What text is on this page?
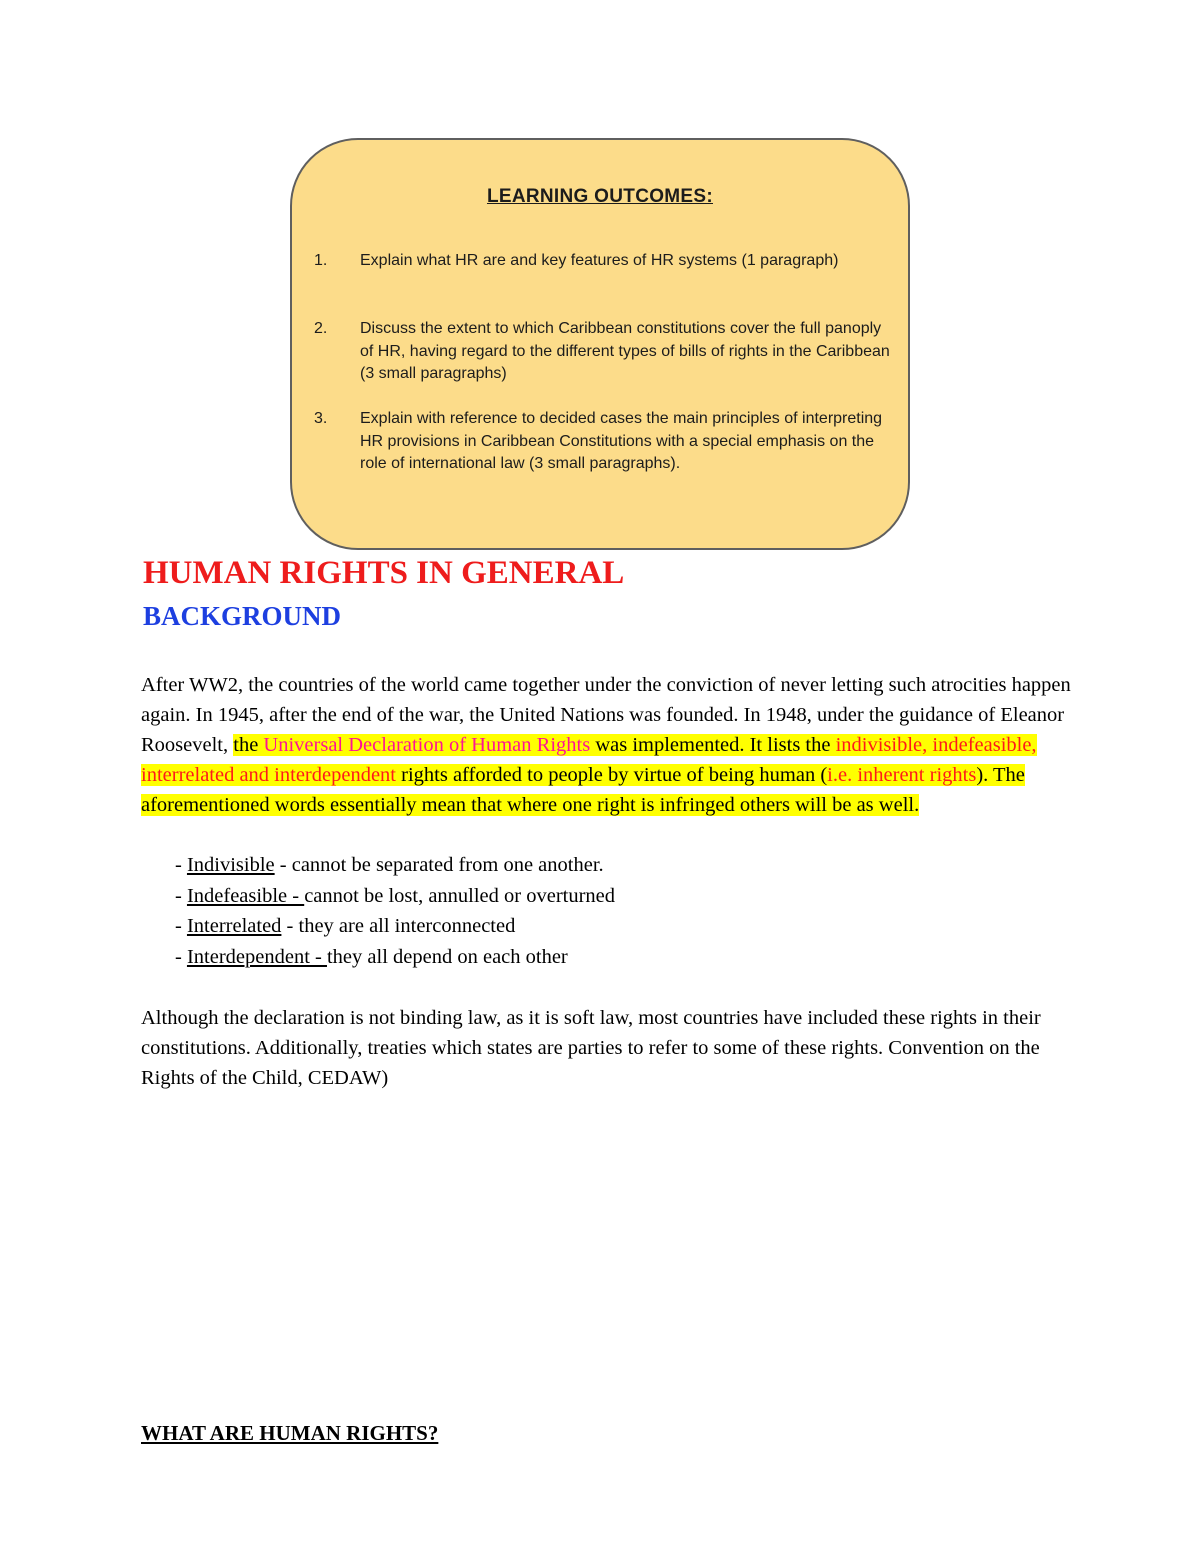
LEARNING OUTCOMES:
1.	Explain what HR are and key features of HR systems (1 paragraph)
2.	Discuss the extent to which Caribbean constitutions cover the full panoply of HR, having regard to the different types of bills of rights in the Caribbean (3 small paragraphs)
3.	Explain with reference to decided cases the main principles of interpreting HR provisions in Caribbean Constitutions with a special emphasis on the role of international law (3 small paragraphs).
HUMAN RIGHTS IN GENERAL
BACKGROUND

After WW2, the countries of the world came together under the conviction of never letting such atrocities happen again. In 1945, after the end of the war, the United Nations was founded. In 1948, under the guidance of Eleanor Roosevelt, the Universal Declaration of Human Rights was implemented. It lists the indivisible, indefeasible, interrelated and interdependent rights afforded to people by virtue of being human (i.e. inherent rights). The aforementioned words essentially mean that where one right is infringed others will be as well.

- Indivisible - cannot be separated from one another.
- Indefeasible - cannot be lost, annulled or overturned
- Interrelated - they are all interconnected
- Interdependent - they all depend on each other

Although the declaration is not binding law, as it is soft law, most countries have included these rights in their constitutions. Additionally, treaties which states are parties to refer to some of these rights. Convention on the Rights of the Child, CEDAW)

WHAT ARE HUMAN RIGHTS?
